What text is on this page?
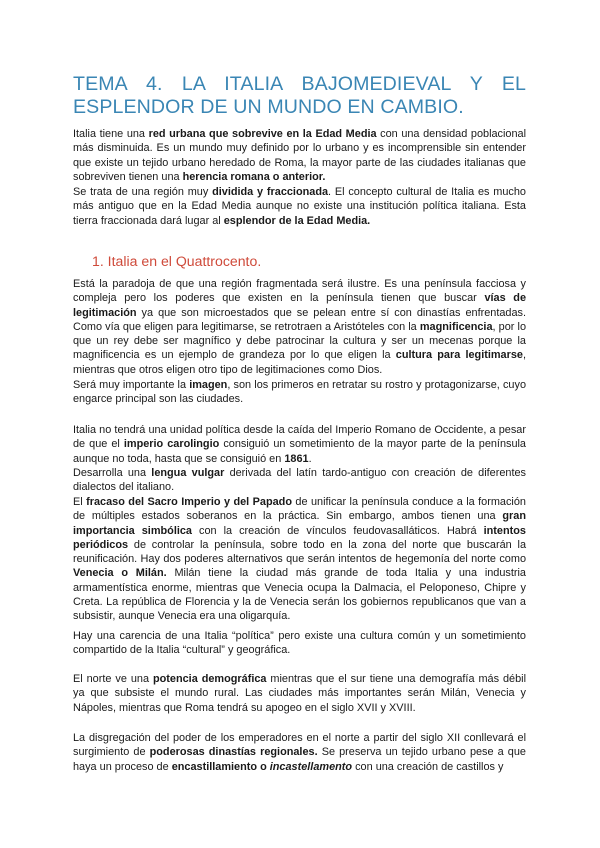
TEMA 4. LA ITALIA BAJOMEDIEVAL Y EL ESPLENDOR DE UN MUNDO EN CAMBIO.

Italia tiene una red urbana que sobrevive en la Edad Media con una densidad poblacional más disminuida. Es un mundo muy definido por lo urbano y es incomprensible sin entender que existe un tejido urbano heredado de Roma, la mayor parte de las ciudades italianas que sobreviven tienen una herencia romana o anterior.

Se trata de una región muy dividida y fraccionada. El concepto cultural de Italia es mucho más antiguo que en la Edad Media aunque no existe una institución política italiana. Esta tierra fraccionada dará lugar al esplendor de la Edad Media.

1. Italia en el Quattrocento.

Está la paradoja de que una región fragmentada será ilustre. Es una península facciosa y compleja pero los poderes que existen en la península tienen que buscar vías de legitimación ya que son microestados que se pelean entre sí con dinastías enfrentadas. Como vía que eligen para legitimarse, se retrotraen a Aristóteles con la magnificencia, por lo que un rey debe ser magnífico y debe patrocinar la cultura y ser un mecenas porque la magnificencia es un ejemplo de grandeza por lo que eligen la cultura para legitimarse, mientras que otros eligen otro tipo de legitimaciones como Dios.

Será muy importante la imagen, son los primeros en retratar su rostro y protagonizarse, cuyo engarce principal son las ciudades.

Italia no tendrá una unidad política desde la caída del Imperio Romano de Occidente, a pesar de que el imperio carolingio consiguió un sometimiento de la mayor parte de la península aunque no toda, hasta que se consiguió en 1861.

Desarrolla una lengua vulgar derivada del latín tardo-antiguo con creación de diferentes dialectos del italiano.

El fracaso del Sacro Imperio y del Papado de unificar la península conduce a la formación de múltiples estados soberanos en la práctica. Sin embargo, ambos tienen una gran importancia simbólica con la creación de vínculos feudovasalláticos. Habrá intentos periódicos de controlar la península, sobre todo en la zona del norte que buscarán la reunificación. Hay dos poderes alternativos que serán intentos de hegemonía del norte como Venecia o Milán. Milán tiene la ciudad más grande de toda Italia y una industria armamentística enorme, mientras que Venecia ocupa la Dalmacia, el Peloponeso, Chipre y Creta. La república de Florencia y la de Venecia serán los gobiernos republicanos que van a subsistir, aunque Venecia era una oligarquía.

Hay una carencia de una Italia “política” pero existe una cultura común y un sometimiento compartido de la Italia “cultural” y geográfica.

El norte ve una potencia demográfica mientras que el sur tiene una demografía más débil ya que subsiste el mundo rural. Las ciudades más importantes serán Milán, Venecia y Nápoles, mientras que Roma tendrá su apogeo en el siglo XVII y XVIII.

La disgregación del poder de los emperadores en el norte a partir del siglo XII conllevará el surgimiento de poderosas dinastías regionales. Se preserva un tejido urbano pese a que haya un proceso de encastillamiento o incastellamento con una creación de castillos y
